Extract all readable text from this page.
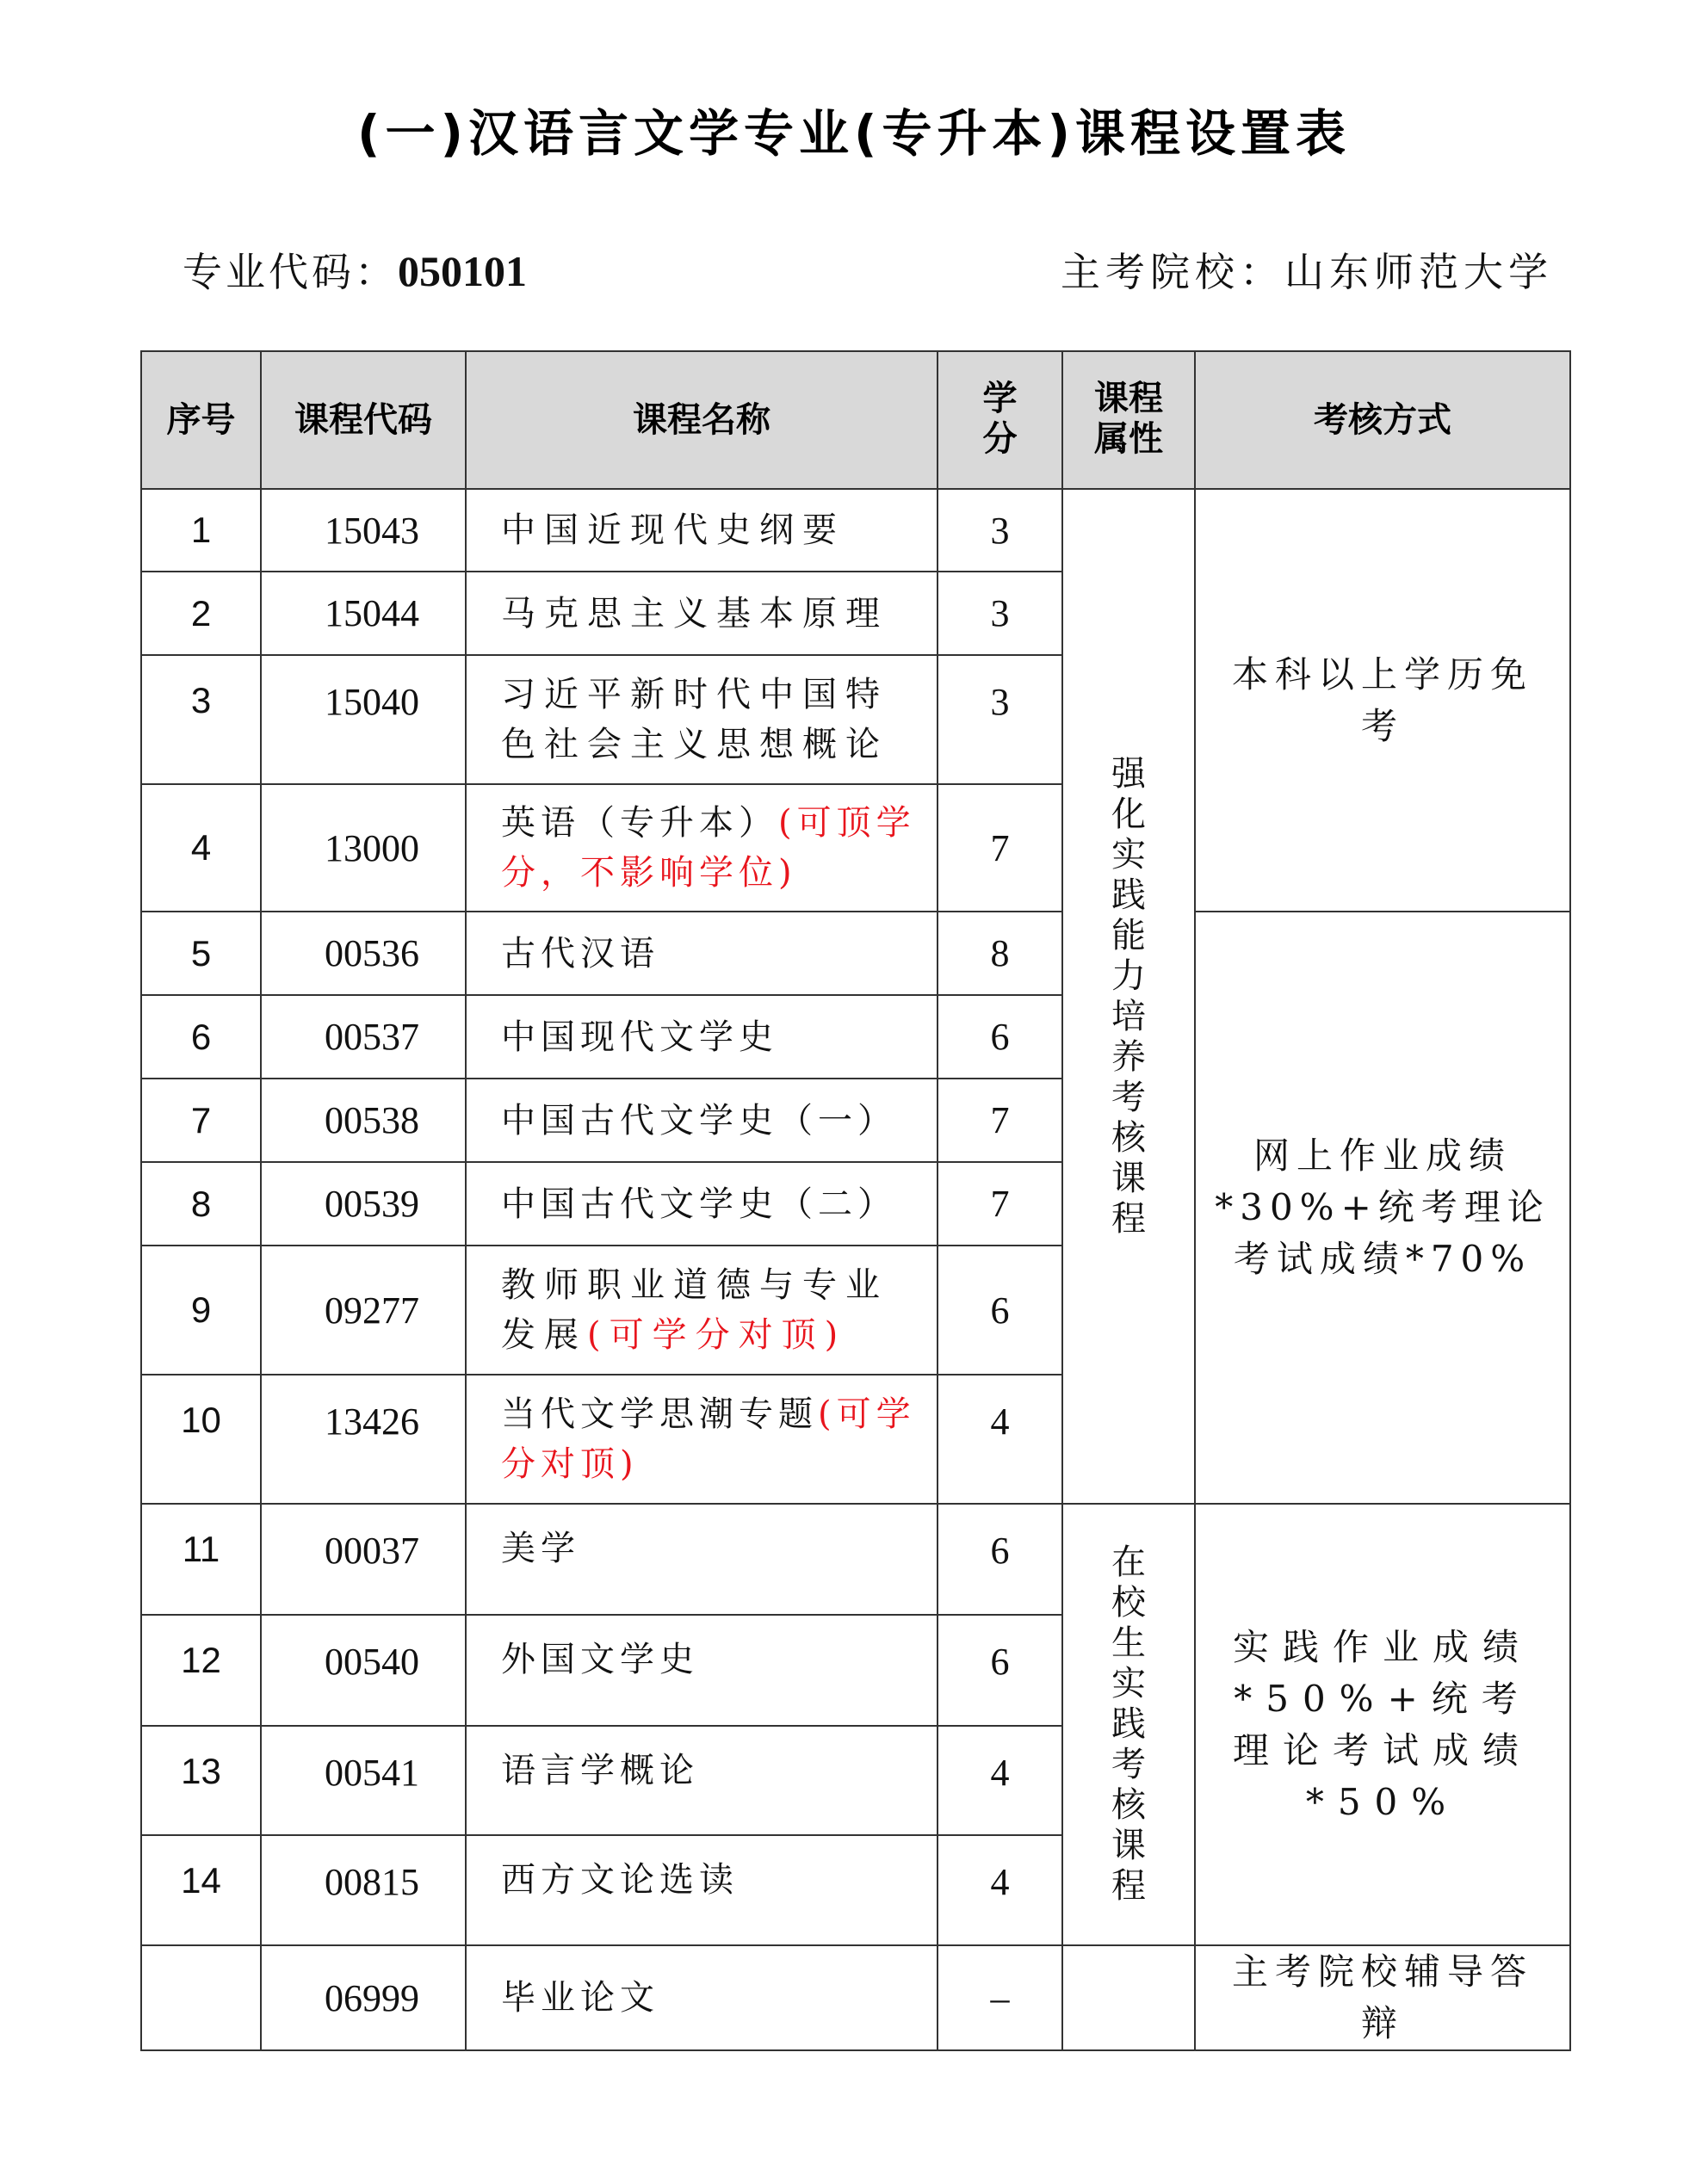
(一)汉语言文学专业(专升本)课程设置表
专业代码：050101	主考院校：山东师范大学
序号	课程代码	课程名称	学分	课程属性	考核方式
1	15043	中国近现代史纲要	3	强化实践能力培养考核课程	本科以上学历免考
2	15044	马克思主义基本原理	3		
3	15040	习近平新时代中国特色社会主义思想概论	3		
4	13000	英语（专升本）(可顶学分，不影响学位)	7		
5	00536	古代汉语	8		网上作业成绩*30%+统考理论考试成绩*70%
6	00537	中国现代文学史	6		
7	00538	中国古代文学史（一）	7		
8	00539	中国古代文学史（二）	7		
9	09277	教师职业道德与专业发展(可学分对顶)	6		
10	13426	当代文学思潮专题(可学分对顶)	4		
11	00037	美学	6	在校生实践考核课程	实践作业成绩*50%+统考理论考试成绩*50%
12	00540	外国文学史	6		
13	00541	语言学概论	4		
14	00815	西方文论选读	4		
	06999	毕业论文	–		主考院校辅导答辩
